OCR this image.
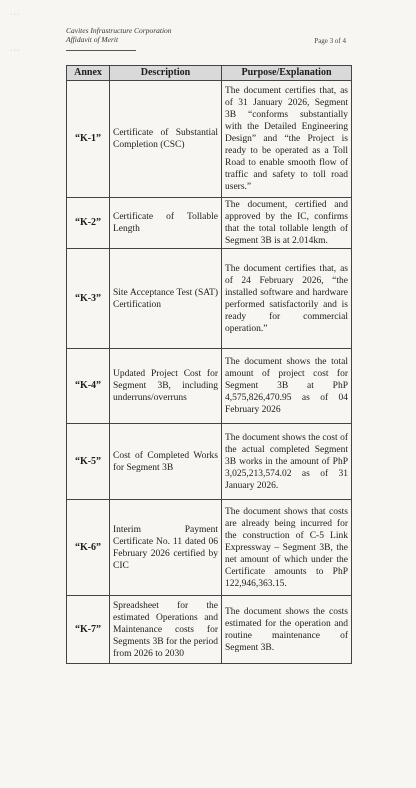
Cavites Infrastructure Corporation
Affidavit of Merit	Page 3 of 4
· · ·
· · ·
Annex	Description	Purpose/Explanation
“K-1”	Certificate of Substantial Completion (CSC)	The document certifies that, as of 31 January 2026, Segment 3B “conforms substantially with the Detailed Engineering Design” and “the Project is ready to be operated as a Toll Road to enable smooth flow of traffic and safety to toll road users.”
“K-2”	Certificate of Tollable Length	The document, certified and approved by the IC, confirms that the total tollable length of Segment 3B is at 2.014km.
“K-3”	Site Acceptance Test (SAT) Certification	The document certifies that, as of 24 February 2026, “the installed software and hardware performed satisfactorily and is ready for commercial operation.”
“K-4”	Updated Project Cost for Segment 3B, including underruns/overruns	The document shows the total amount of project cost for Segment 3B at PhP 4,575,826,470.95 as of 04 February 2026
“K-5”	Cost of Completed Works for Segment 3B	The document shows the cost of the actual completed Segment 3B works in the amount of PhP 3,025,213,574.02 as of 31 January 2026.
“K-6”	Interim Payment Certificate No. 11 dated 06 February 2026 certified by CIC	The document shows that costs are already being incurred for the construction of C-5 Link Expressway – Segment 3B, the net amount of which under the Certificate amounts to PhP 122,946,363.15.
“K-7”	Spreadsheet for the estimated Operations and Maintenance costs for Segments 3B for the period from 2026 to 2030	The document shows the costs estimated for the operation and routine maintenance of Segment 3B.
